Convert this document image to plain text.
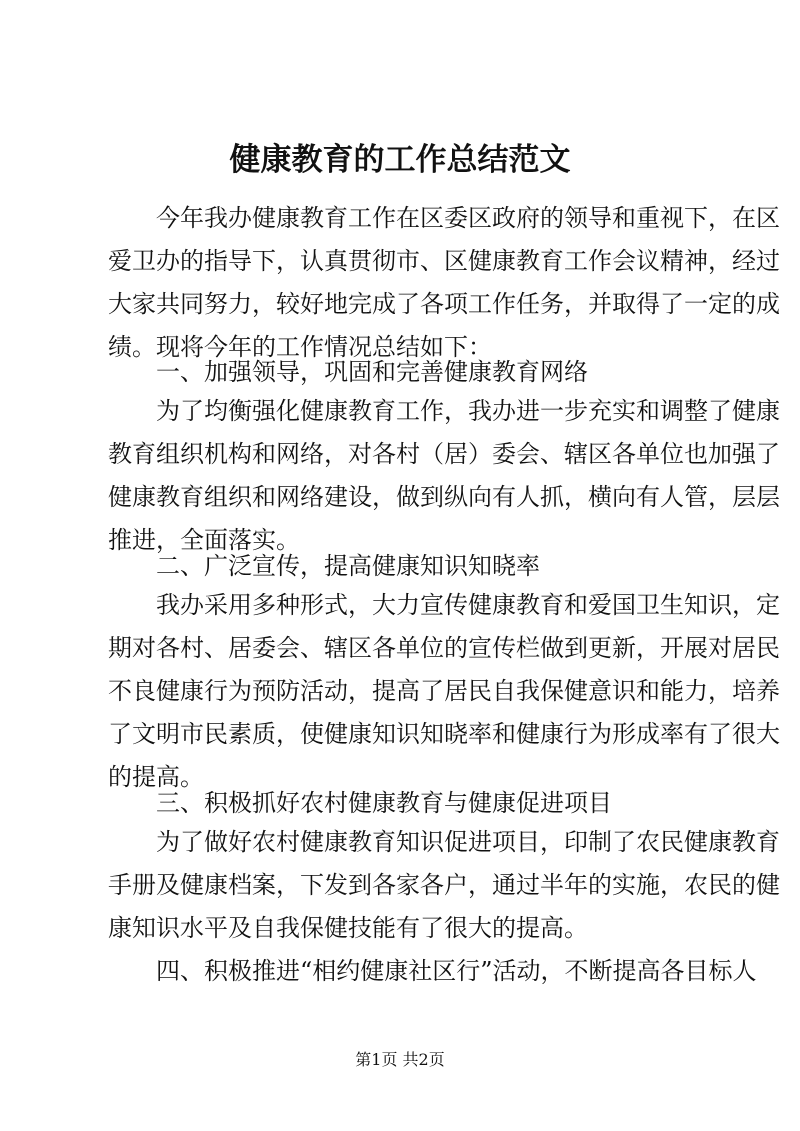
健康教育的工作总结范文
　　今年我办健康教育工作在区委区政府的领导和重视下，在区
爱卫办的指导下，认真贯彻市、区健康教育工作会议精神，经过
大家共同努力，较好地完成了各项工作任务，并取得了一定的成
绩。现将今年的工作情况总结如下：
　　一、加强领导，巩固和完善健康教育网络
　　为了均衡强化健康教育工作，我办进一步充实和调整了健康
教育组织机构和网络，对各村（居）委会、辖区各单位也加强了
健康教育组织和网络建设，做到纵向有人抓，横向有人管，层层
推进，全面落实。
　　二、广泛宣传，提高健康知识知晓率
　　我办采用多种形式，大力宣传健康教育和爱国卫生知识，定
期对各村、居委会、辖区各单位的宣传栏做到更新，开展对居民
不良健康行为预防活动，提高了居民自我保健意识和能力，培养
了文明市民素质，使健康知识知晓率和健康行为形成率有了很大
的提高。
　　三、积极抓好农村健康教育与健康促进项目
　　为了做好农村健康教育知识促进项目，印制了农民健康教育
手册及健康档案，下发到各家各户，通过半年的实施，农民的健
康知识水平及自我保健技能有了很大的提高。
　　四、积极推进“相约健康社区行”活动，不断提高各目标人
第1页 共2页
